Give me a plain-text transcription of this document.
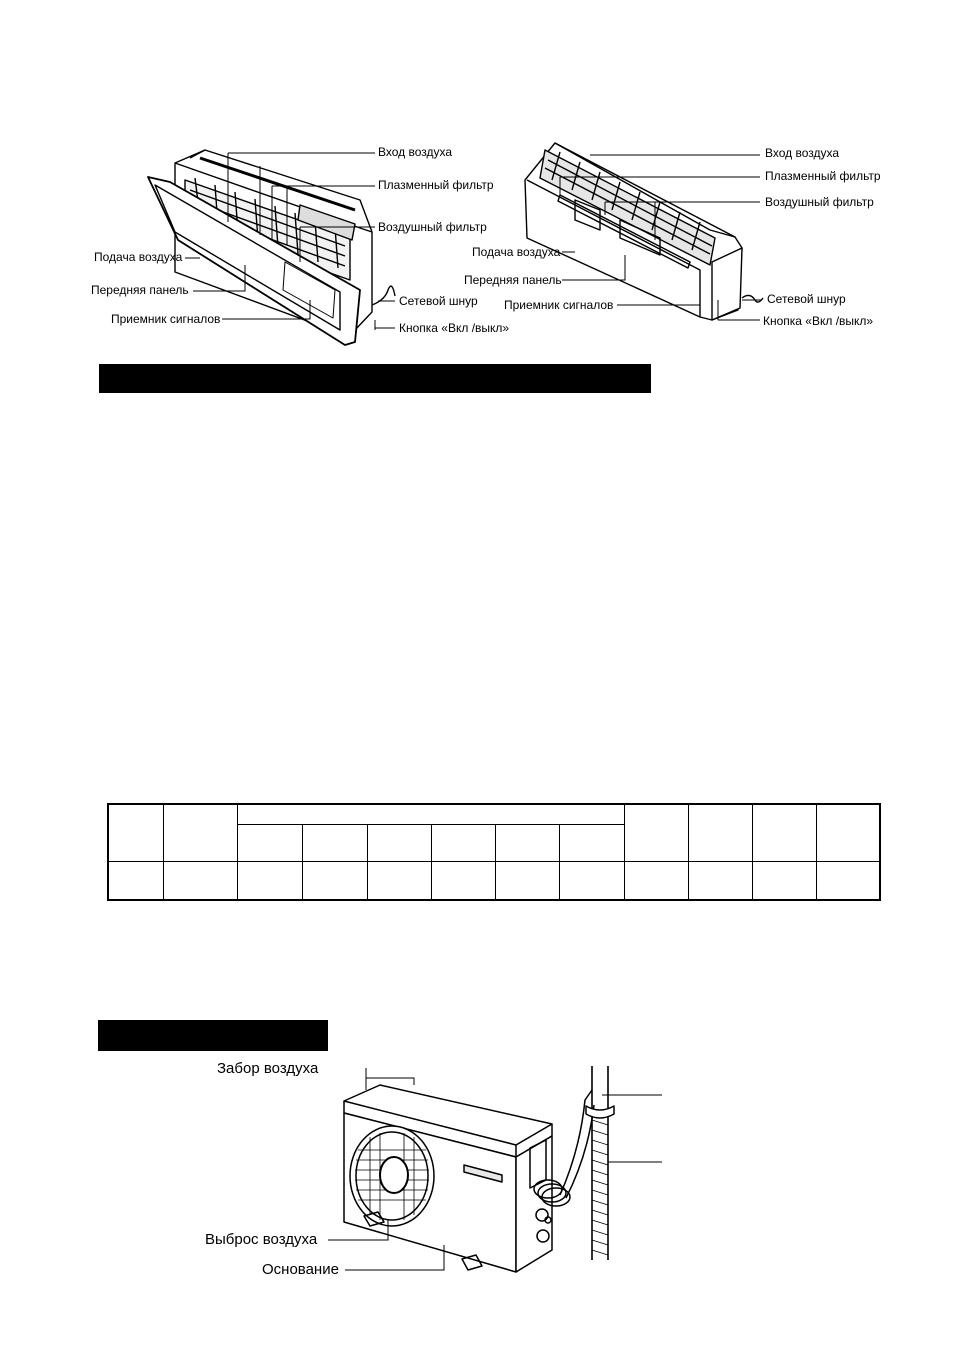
Вход воздуха
Плазменный фильтр
Воздушный фильтр
Подача воздуха
Передняя панель
Сетевой шнур
Приемник сигналов
Кнопка «Вкл /выкл»
Вход воздуха
Плазменный фильтр
Воздушный фильтр
Подача воздуха
Передняя панель
Приемник сигналов	Сетевой шнур
Кнопка «Вкл /выкл»

Забор воздуха
Выброс воздуха
Основание
